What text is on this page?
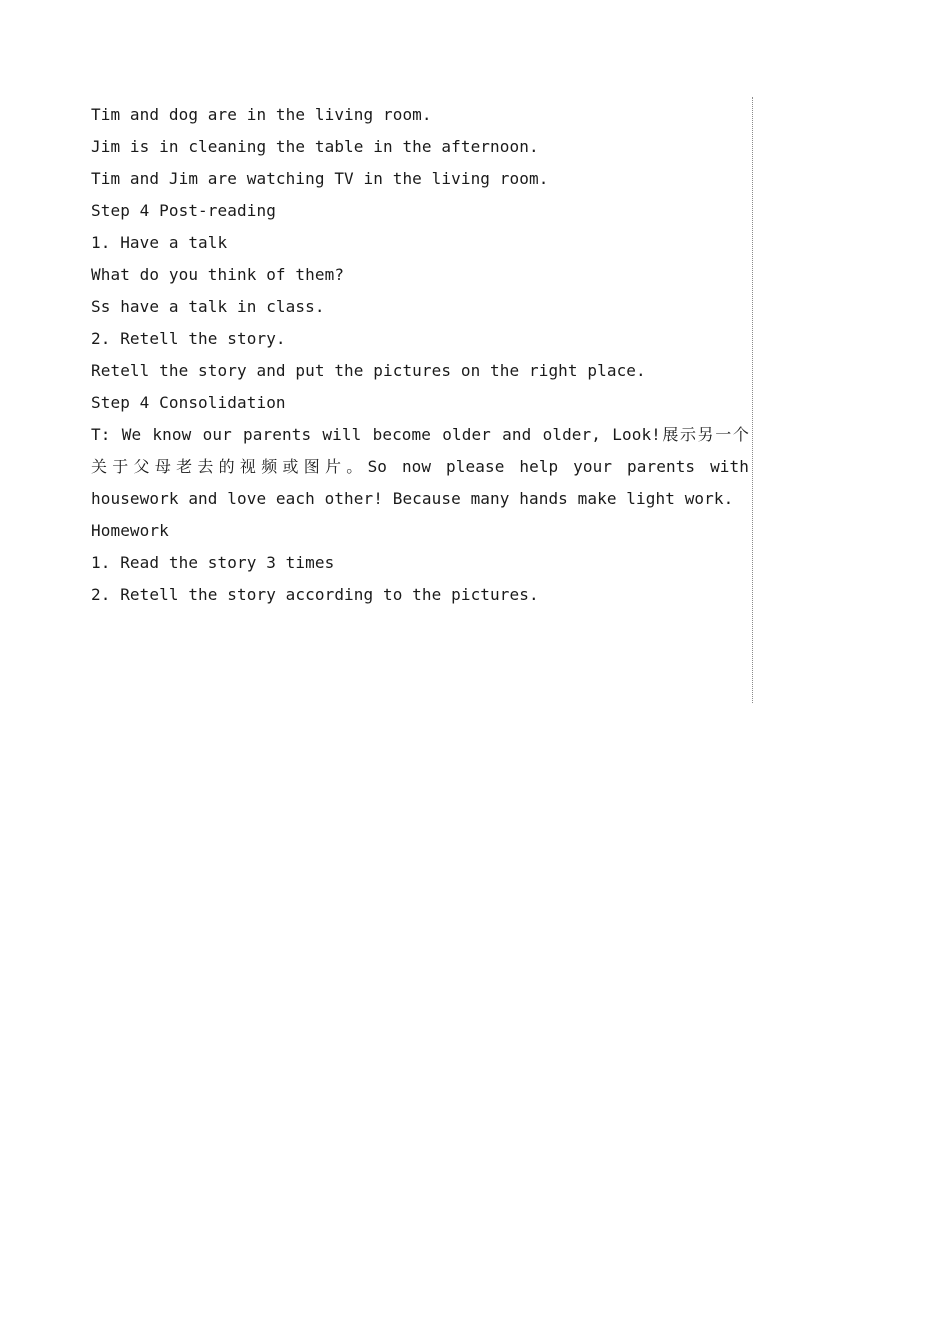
Tim and dog are in the living room.
Jim is in cleaning the table in the afternoon.
Tim and Jim are watching TV in the living room.
Step 4 Post-reading
1. Have a talk
What do you think of them?
Ss have a talk in class.
2. Retell the story.
Retell the story and put the pictures on the right place.
Step 4 Consolidation
T: We know our parents will become older and older, Look!展示另一个
关于父母老去的视频或图片。So now please help your parents with
housework and love each other! Because many hands make light work.
Homework
1. Read the story 3 times
2. Retell the story according to the pictures.
